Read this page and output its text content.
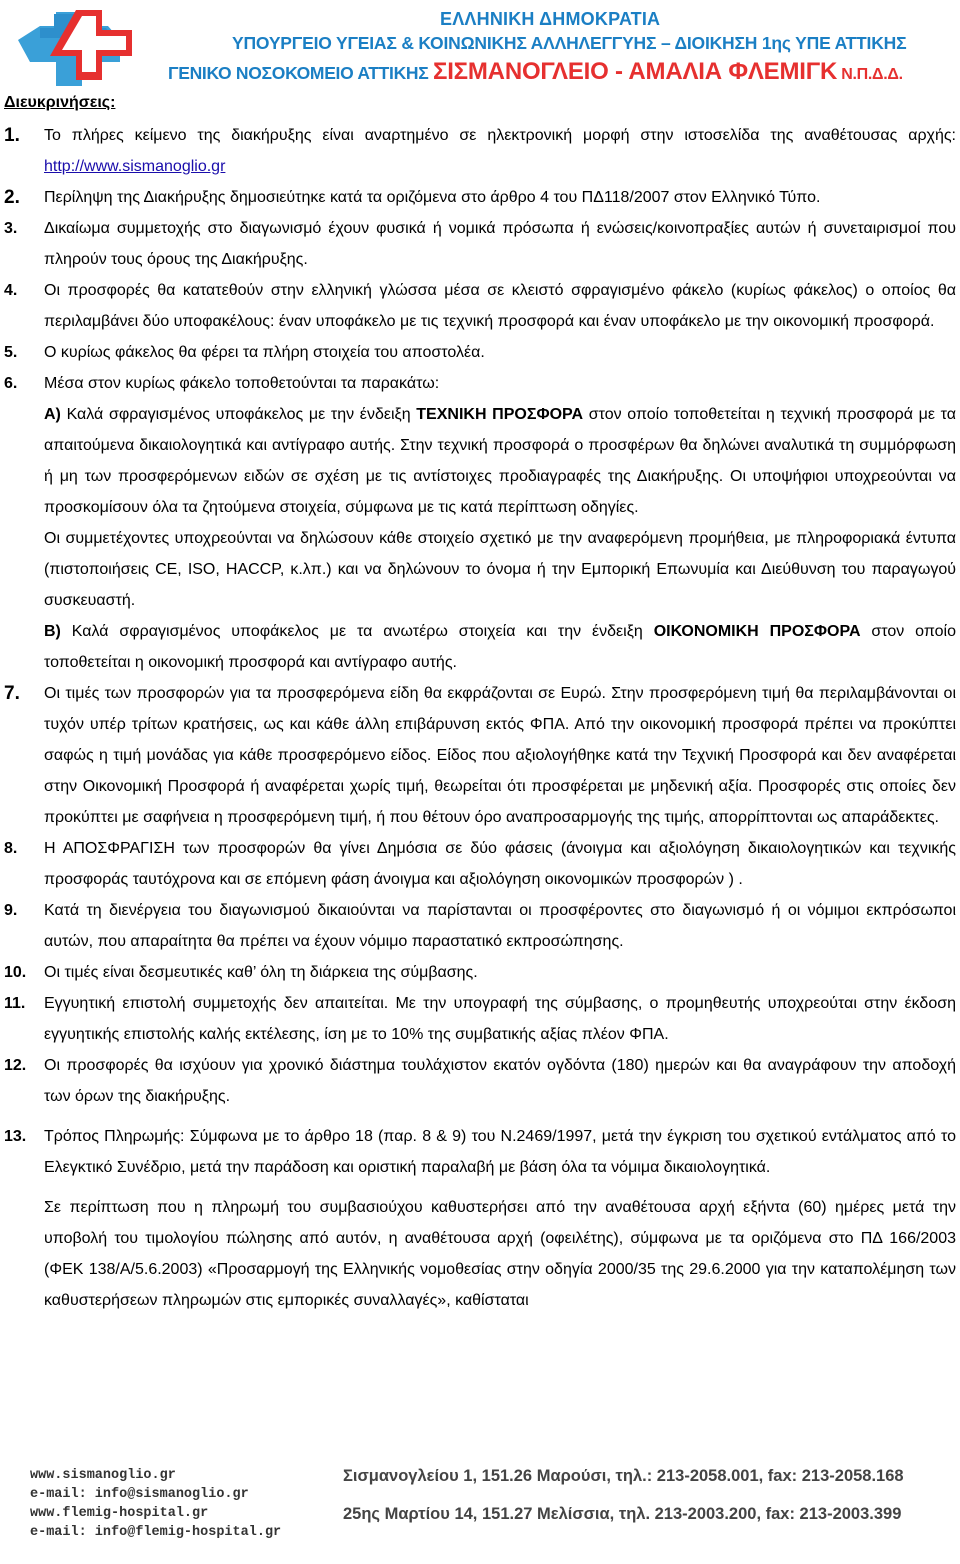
ΕΛΛΗΝΙΚΗ ΔΗΜΟΚΡΑΤΙΑ
ΥΠΟΥΡΓΕΙΟ ΥΓΕΙΑΣ & ΚΟΙΝΩΝΙΚΗΣ ΑΛΛΗΛΕΓΓΥΗΣ – ΔΙΟΙΚΗΣΗ 1ης ΥΠΕ ΑΤΤΙΚΗΣ
ΓΕΝΙΚΟ ΝΟΣΟΚΟΜΕΙΟ ΑΤΤΙΚΗΣ ΣΙΣΜΑΝΟΓΛΕΙΟ - ΑΜΑΛΙΑ ΦΛΕΜΙΓΚ Ν.Π.Δ.Δ.
Διευκρινήσεις:
1. Το πλήρες κείμενο της διακήρυξης είναι αναρτημένο σε ηλεκτρονική μορφή στην ιστοσελίδα της αναθέτουσας αρχής: http://www.sismanoglio.gr

2. Περίληψη της Διακήρυξης δημοσιεύτηκε κατά τα οριζόμενα στο άρθρο 4 του ΠΔ118/2007 στον Ελληνικό Τύπο.

3. Δικαίωμα συμμετοχής στο διαγωνισμό έχουν φυσικά ή νομικά πρόσωπα ή ενώσεις/κοινοπραξίες αυτών ή συνεταιρισμοί που πληρούν τους όρους της Διακήρυξης.

4. Οι προσφορές θα κατατεθούν στην ελληνική γλώσσα μέσα σε κλειστό σφραγισμένο φάκελο (κυρίως φάκελος) ο οποίος θα περιλαμβάνει δύο υποφακέλους: έναν υποφάκελο με τις τεχνική προσφορά και έναν υποφάκελο με την οικονομική προσφορά.

5. Ο κυρίως φάκελος θα φέρει τα πλήρη στοιχεία του αποστολέα.

6. Μέσα στον κυρίως φάκελο τοποθετούνται τα παρακάτω:

Α) Καλά σφραγισμένος υποφάκελος με την ένδειξη ΤΕΧΝΙΚΗ ΠΡΟΣΦΟΡΑ στον οποίο τοποθετείται η τεχνική προσφορά με τα απαιτούμενα δικαιολογητικά και αντίγραφο αυτής. Στην τεχνική προσφορά ο προσφέρων θα δηλώνει αναλυτικά τη συμμόρφωση ή μη των προσφερόμενων ειδών σε σχέση με τις αντίστοιχες προδιαγραφές της Διακήρυξης. Οι υποψήφιοι υποχρεούνται να προσκομίσουν όλα τα ζητούμενα στοιχεία, σύμφωνα με τις κατά περίπτωση οδηγίες.

Οι συμμετέχοντες υποχρεούνται να δηλώσουν κάθε στοιχείο σχετικό με την αναφερόμενη προμήθεια, με πληροφοριακά έντυπα (πιστοποιήσεις CE, ISO, HACCP, κ.λπ.) και να δηλώνουν το όνομα ή την Εμπορική Επωνυμία και Διεύθυνση του παραγωγού συσκευαστή.

Β) Καλά σφραγισμένος υποφάκελος με τα ανωτέρω στοιχεία και την ένδειξη ΟΙΚΟΝΟΜΙΚΗ ΠΡΟΣΦΟΡΑ στον οποίο τοποθετείται η οικονομική προσφορά και αντίγραφο αυτής.

7. Οι τιμές των προσφορών για τα προσφερόμενα είδη θα εκφράζονται σε Ευρώ. Στην προσφερόμενη τιμή θα περιλαμβάνονται οι τυχόν υπέρ τρίτων κρατήσεις, ως και κάθε άλλη επιβάρυνση εκτός ΦΠΑ. Από την οικονομική προσφορά πρέπει να προκύπτει σαφώς η τιμή μονάδας για κάθε προσφερόμενο είδος. Είδος που αξιολογήθηκε κατά την Τεχνική Προσφορά και δεν αναφέρεται στην Οικονομική Προσφορά ή αναφέρεται χωρίς τιμή, θεωρείται ότι προσφέρεται με μηδενική αξία. Προσφορές στις οποίες δεν προκύπτει με σαφήνεια η προσφερόμενη τιμή, ή που θέτουν όρο αναπροσαρμογής της τιμής, απορρίπτονται ως απαράδεκτες.

8. Η ΑΠΟΣΦΡΑΓΙΣΗ των προσφορών θα γίνει Δημόσια σε δύο φάσεις (άνοιγμα και αξιολόγηση δικαιολογητικών και τεχνικής προσφοράς ταυτόχρονα και σε επόμενη φάση άνοιγμα και αξιολόγηση οικονομικών προσφορών ) .

9. Κατά τη διενέργεια του διαγωνισμού δικαιούνται να παρίστανται οι προσφέροντες στο διαγωνισμό ή οι νόμιμοι εκπρόσωποι αυτών, που απαραίτητα θα πρέπει να έχουν νόμιμο παραστατικό εκπροσώπησης.

10. Οι τιμές είναι δεσμευτικές καθ’ όλη τη διάρκεια της σύμβασης.

11. Εγγυητική επιστολή συμμετοχής δεν απαιτείται. Με την υπογραφή της σύμβασης, ο προμηθευτής υποχρεούται στην έκδοση εγγυητικής επιστολής καλής εκτέλεσης, ίση με το 10% της συμβατικής αξίας πλέον ΦΠΑ.

12. Οι προσφορές θα ισχύουν για χρονικό διάστημα τουλάχιστον εκατόν ογδόντα (180) ημερών και θα αναγράφουν την αποδοχή των όρων της διακήρυξης.

13. Τρόπος Πληρωμής: Σύμφωνα με το άρθρο 18 (παρ. 8 & 9) του Ν.2469/1997, μετά την έγκριση του σχετικού εντάλματος από το Ελεγκτικό Συνέδριο, μετά την παράδοση και οριστική παραλαβή με βάση όλα τα νόμιμα δικαιολογητικά.

Σε περίπτωση που η πληρωμή του συμβασιούχου καθυστερήσει από την αναθέτουσα αρχή εξήντα (60) ημέρες μετά την υποβολή του τιμολογίου πώλησης από αυτόν, η αναθέτουσα αρχή (οφειλέτης), σύμφωνα με τα οριζόμενα στο ΠΔ 166/2003 (ΦΕΚ 138/Α/5.6.2003) «Προσαρμογή της Ελληνικής νομοθεσίας στην οδηγία 2000/35 της 29.6.2000 για την καταπολέμηση των καθυστερήσεων πληρωμών στις εμπορικές συναλλαγές», καθίσταται

www.sismanoglio.gr
e-mail: info@sismanoglio.gr
www.flemig-hospital.gr
e-mail: info@flemig-hospital.gr
Σισμανογλείου 1, 151.26 Μαρούσι, τηλ.: 213-2058.001, fax: 213-2058.168
25ης Μαρτίου 14, 151.27 Μελίσσια, τηλ. 213-2003.200, fax: 213-2003.399
